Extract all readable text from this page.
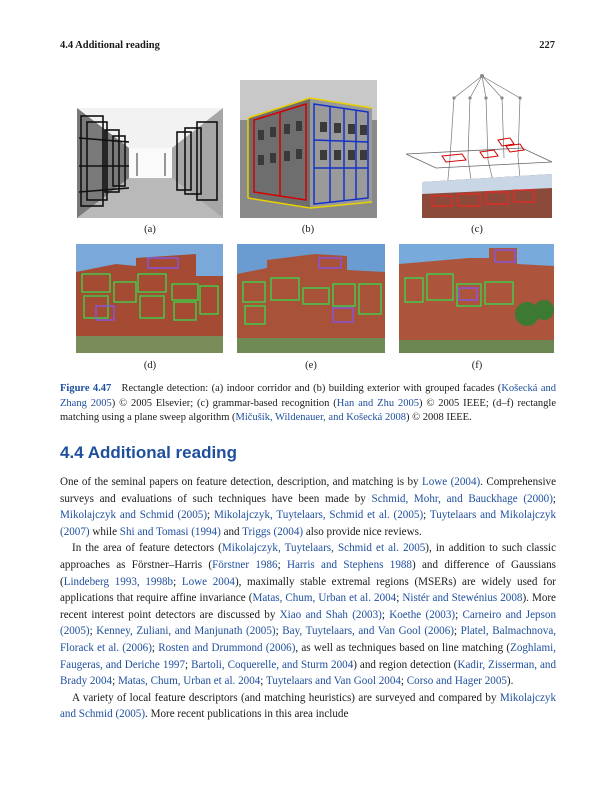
4.4 Additional reading	227
(a)	(b)	(c)
(d)	(e)	(f)
Figure 4.47 Rectangle detection: (a) indoor corridor and (b) building exterior with grouped facades (Košecká and Zhang 2005) © 2005 Elsevier; (c) grammar-based recognition (Han and Zhu 2005) © 2005 IEEE; (d–f) rectangle matching using a plane sweep algorithm (Mičušík, Wildenauer, and Košecká 2008) © 2008 IEEE.
4.4 Additional reading

One of the seminal papers on feature detection, description, and matching is by Lowe (2004). Comprehensive surveys and evaluations of such techniques have been made by Schmid, Mohr, and Bauckhage (2000); Mikolajczyk and Schmid (2005); Mikolajczyk, Tuytelaars, Schmid et al. (2005); Tuytelaars and Mikolajczyk (2007) while Shi and Tomasi (1994) and Triggs (2004) also provide nice reviews.

In the area of feature detectors (Mikolajczyk, Tuytelaars, Schmid et al. 2005), in addition to such classic approaches as Förstner–Harris (Förstner 1986; Harris and Stephens 1988) and difference of Gaussians (Lindeberg 1993, 1998b; Lowe 2004), maximally stable extremal regions (MSERs) are widely used for applications that require affine invariance (Matas, Chum, Urban et al. 2004; Nistér and Stewénius 2008). More recent interest point detectors are discussed by Xiao and Shah (2003); Koethe (2003); Carneiro and Jepson (2005); Kenney, Zuliani, and Manjunath (2005); Bay, Tuytelaars, and Van Gool (2006); Platel, Balmachnova, Florack et al. (2006); Rosten and Drummond (2006), as well as techniques based on line matching (Zoghlami, Faugeras, and Deriche 1997; Bartoli, Coquerelle, and Sturm 2004) and region detection (Kadir, Zisserman, and Brady 2004; Matas, Chum, Urban et al. 2004; Tuytelaars and Van Gool 2004; Corso and Hager 2005).

A variety of local feature descriptors (and matching heuristics) are surveyed and compared by Mikolajczyk and Schmid (2005). More recent publications in this area include
